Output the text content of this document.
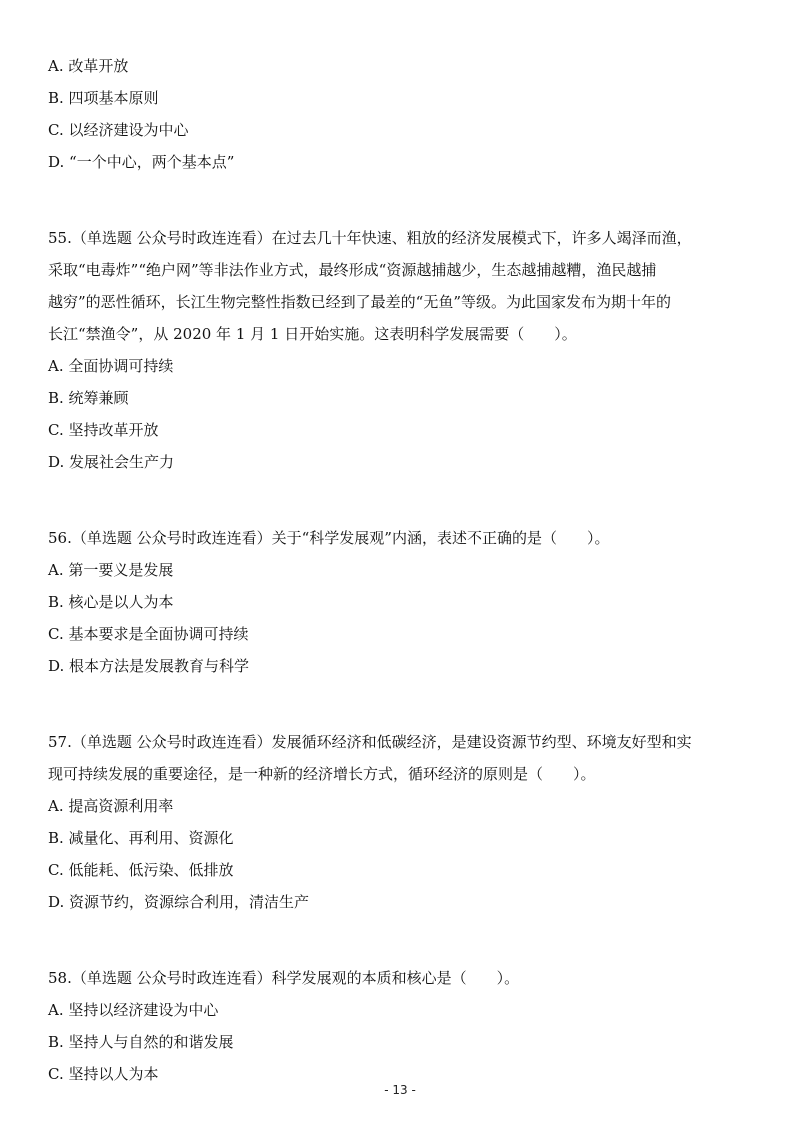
A. 改革开放
B. 四项基本原则
C. 以经济建设为中心
D. “一个中心，两个基本点”
55.（单选题 公众号时政连连看）在过去几十年快速、粗放的经济发展模式下，许多人竭泽而渔，
采取“电毒炸”“绝户网”等非法作业方式，最终形成“资源越捕越少，生态越捕越糟，渔民越捕
越穷”的恶性循环，长江生物完整性指数已经到了最差的“无鱼”等级。为此国家发布为期十年的
长江“禁渔令”，从 2020 年 1 月 1 日开始实施。这表明科学发展需要（　　）。
A. 全面协调可持续
B. 统筹兼顾
C. 坚持改革开放
D. 发展社会生产力
56.（单选题 公众号时政连连看）关于“科学发展观”内涵，表述不正确的是（　　）。
A. 第一要义是发展
B. 核心是以人为本
C. 基本要求是全面协调可持续
D. 根本方法是发展教育与科学
57.（单选题 公众号时政连连看）发展循环经济和低碳经济，是建设资源节约型、环境友好型和实
现可持续发展的重要途径，是一种新的经济增长方式，循环经济的原则是（　　）。
A. 提高资源利用率
B. 减量化、再利用、资源化
C. 低能耗、低污染、低排放
D. 资源节约，资源综合利用，清洁生产
58.（单选题 公众号时政连连看）科学发展观的本质和核心是（　　）。
A. 坚持以经济建设为中心
B. 坚持人与自然的和谐发展
C. 坚持以人为本
- 13 -
